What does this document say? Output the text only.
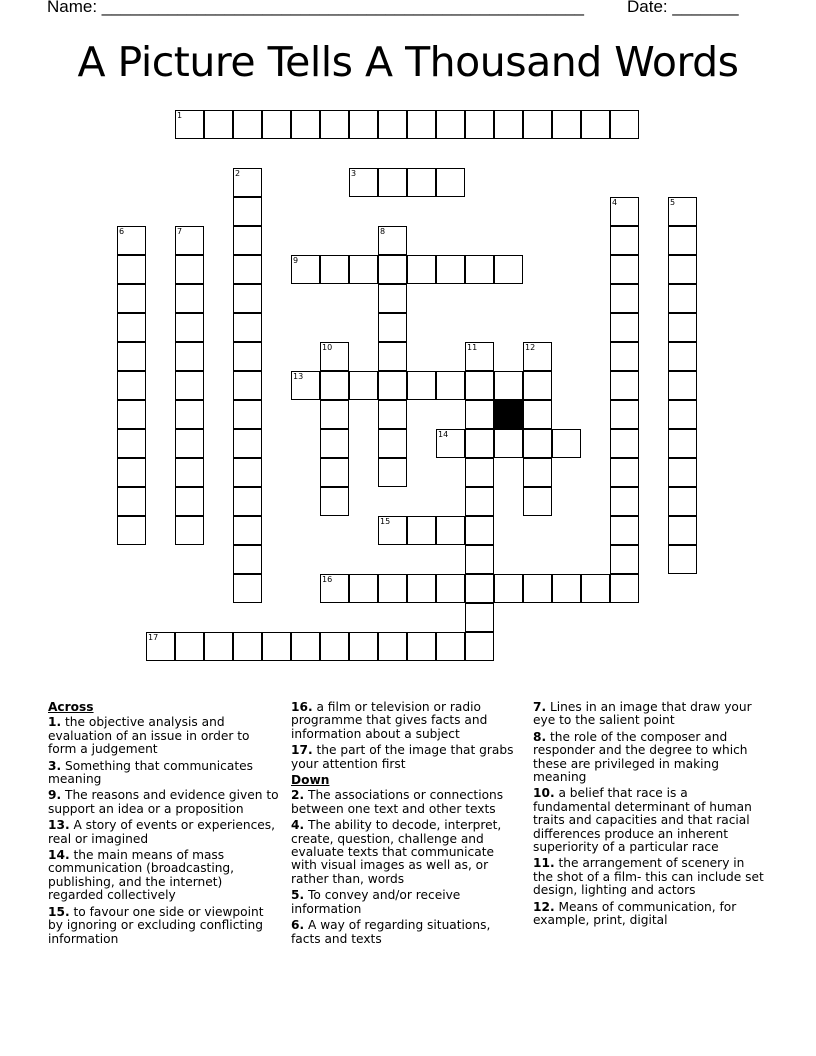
Name: ___________________________________________________	Date: _______
A Picture Tells A Thousand Words
1
2	3
4	5
6	7	8
9
10	11	12
13
14
15
16
17
Across
1. the objective analysis and evaluation of an issue in order to form a judgement
3. Something that communicates meaning
9. The reasons and evidence given to support an idea or a proposition
13. A story of events or experiences, real or imagined
14. the main means of mass communication (broadcasting, publishing, and the internet) regarded collectively
15. to favour one side or viewpoint by ignoring or excluding conflicting information
16. a film or television or radio programme that gives facts and information about a subject
17. the part of the image that grabs your attention first
Down
2. The associations or connections between one text and other texts
4. The ability to decode, interpret, create, question, challenge and evaluate texts that communicate with visual images as well as, or rather than, words
5. To convey and/or receive information
6. A way of regarding situations, facts and texts
7. Lines in an image that draw your eye to the salient point
8. the role of the composer and responder and the degree to which these are privileged in making meaning
10. a belief that race is a fundamental determinant of human traits and capacities and that racial differences produce an inherent superiority of a particular race
11. the arrangement of scenery in the shot of a film- this can include set design, lighting and actors
12. Means of communication, for example, print, digital
